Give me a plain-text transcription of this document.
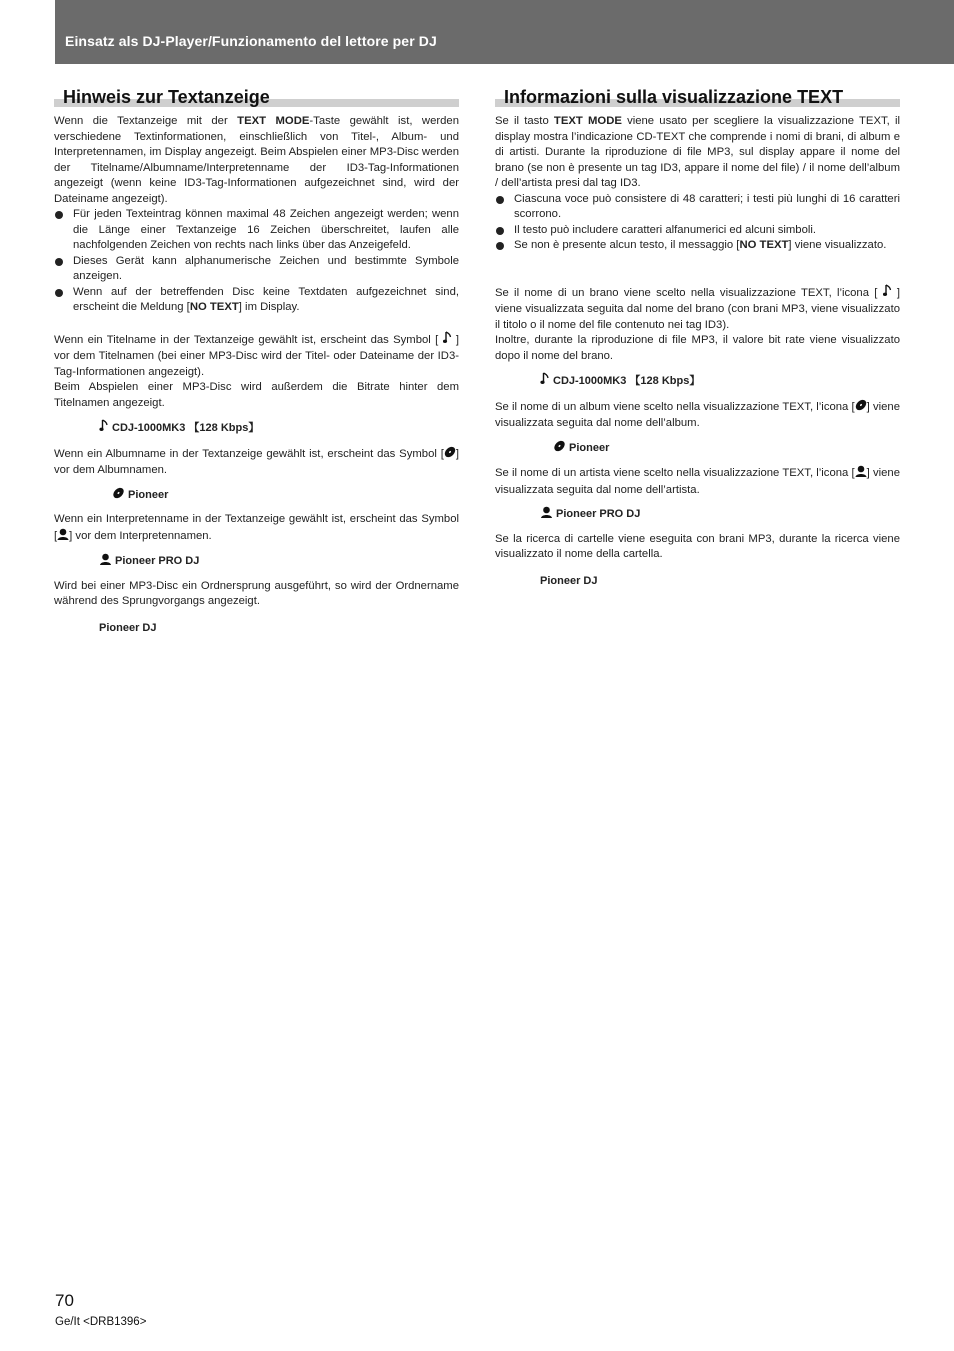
Einsatz als DJ-Player/Funzionamento del lettore per DJ
Hinweis zur Textanzeige

Wenn die Textanzeige mit der TEXT MODE-Taste gewählt ist, werden verschiedene Textinformationen, einschließlich von Titel-, Album- und Interpretennamen, im Display angezeigt. Beim Abspielen einer MP3-Disc werden der Titelname/Albumname/Interpretenname der ID3-Tag-Informationen angezeigt (wenn keine ID3-Tag-Informationen aufgezeichnet sind, wird der Dateiname angezeigt).

Für jeden Texteintrag können maximal 48 Zeichen angezeigt werden; wenn die Länge einer Textanzeige 16 Zeichen überschreitet, laufen alle nachfolgenden Zeichen von rechts nach links über das Anzeigefeld.
Dieses Gerät kann alphanumerische Zeichen und bestimmte Symbole anzeigen.
Wenn auf der betreffenden Disc keine Textdaten aufgezeichnet sind, erscheint die Meldung [NO TEXT] im Display.

Wenn ein Titelname in der Textanzeige gewählt ist, erscheint das Symbol [  ] vor dem Titelnamen (bei einer MP3-Disc wird der Titel- oder Dateiname der ID3-Tag-Informationen angezeigt).

Beim Abspielen einer MP3-Disc wird außerdem die Bitrate hinter dem Titelnamen angezeigt.

CDJ-1000MK3 【128 Kbps】

Wenn ein Albumname in der Textanzeige gewählt ist, erscheint das Symbol [ ] vor dem Albumnamen.

Pioneer

Wenn ein Interpretenname in der Textanzeige gewählt ist, erscheint das Symbol [ ] vor dem Interpretennamen.

Pioneer PRO DJ

Wird bei einer MP3-Disc ein Ordnersprung ausgeführt, so wird der Ordnername während des Sprungvorgangs angezeigt.

Pioneer DJ
Informazioni sulla visualizzazione TEXT

Se il tasto TEXT MODE viene usato per scegliere la visualizzazione TEXT, il display mostra l’indicazione CD-TEXT che comprende i nomi di brani, di album e di artisti. Durante la riproduzione di file MP3, sul display appare il nome del brano (se non è presente un tag ID3, appare il nome del file) / il nome dell’album / dell’artista presi dal tag ID3.

Ciascuna voce può consistere di 48 caratteri; i testi più lunghi di 16 caratteri scorrono.
Il testo può includere caratteri alfanumerici ed alcuni simboli.
Se non è presente alcun testo, il messaggio [NO TEXT] viene visualizzato.

Se il nome di un brano viene scelto nella visualizzazione TEXT, l’icona [  ] viene visualizzata seguita dal nome del brano (con brani MP3, viene visualizzato il titolo o il nome del file contenuto nei tag ID3).

Inoltre, durante la riproduzione di file MP3, il valore bit rate viene visualizzato dopo il nome del brano.

CDJ-1000MK3 【128 Kbps】

Se il nome di un album viene scelto nella visualizzazione TEXT, l’icona [ ] viene visualizzata seguita dal nome dell’album.

Pioneer

Se il nome di un artista viene scelto nella visualizzazione TEXT, l’icona [ ] viene visualizzata seguita dal nome dell’artista.

Pioneer PRO DJ

Se la ricerca di cartelle viene eseguita con brani MP3, durante la ricerca viene visualizzato il nome della cartella.

Pioneer DJ
70
Ge/It <DRB1396>
